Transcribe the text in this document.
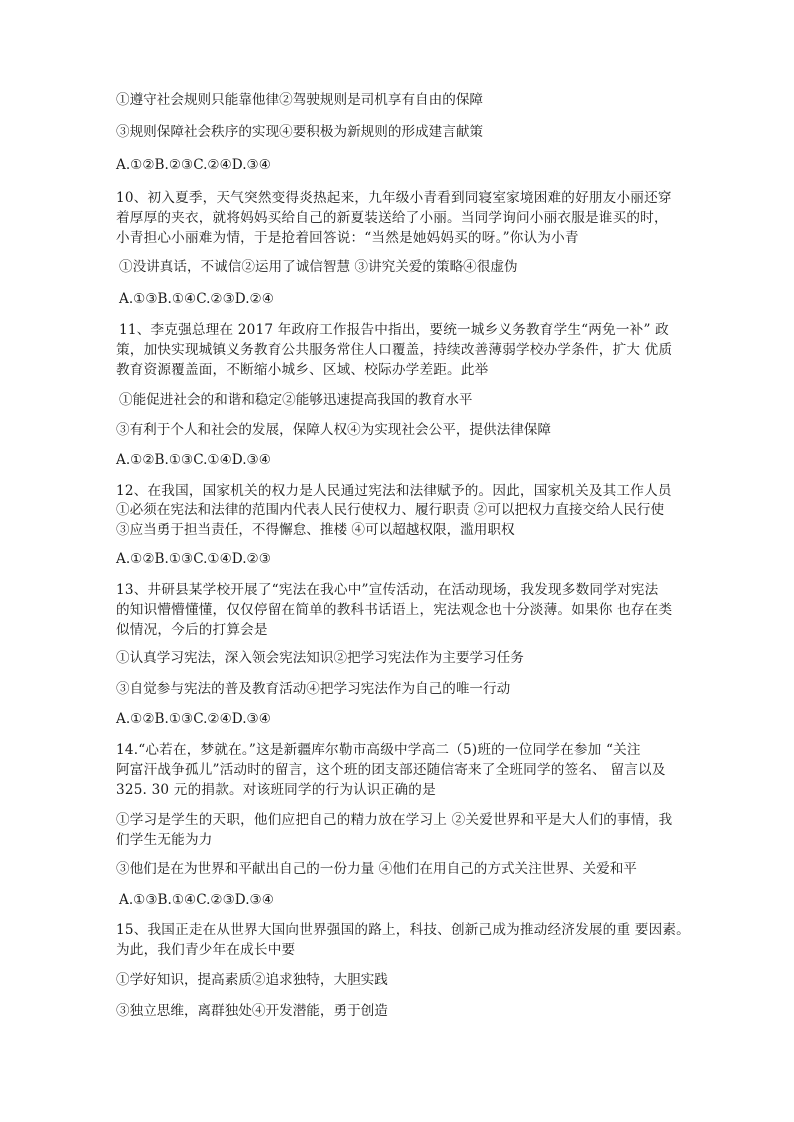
①遵守社会规则只能靠他律②驾驶规则是司机享有自由的保障

③规则保障社会秩序的实现④要积极为新规则的形成建言献策

A.①②B.②③C.②④D.③④

10、初入夏季，天气突然变得炎热起来，九年级小青看到同寝室家境困难的好朋友小丽还穿

着厚厚的夹衣，就将妈妈买给自己的新夏装送给了小丽。当同学询问小丽衣服是谁买的时，

小青担心小丽难为情，于是抢着回答说：“当然是她妈妈买的呀。”你认为小青

①没讲真话，不诚信②运用了诚信智慧 ③讲究关爱的策略④很虚伪

A.①③B.①④C.②③D.②④

11、李克强总理在 2017 年政府工作报告中指出，要统一城乡义务教育学生“两免一补” 政

策，加快实现城镇义务教育公共服务常住人口覆盖，持续改善薄弱学校办学条件，扩大 优质

教育资源覆盖面，不断缩小城乡、区域、校际办学差距。此举

①能促进社会的和谐和稳定②能够迅速提高我国的教育水平

③有利于个人和社会的发展，保障人权④为实现社会公平，提供法律保障

A.①②B.①③C.①④D.③④

12、在我国，国家机关的权力是人民通过宪法和法律赋予的。因此，国家机关及其工作人员

①必须在宪法和法律的范围内代表人民行使权力、履行职责 ②可以把权力直接交给人民行使

③应当勇于担当责任，不得懈怠、推楼 ④可以超越权限，滥用职权

A.①②B.①③C.①④D.②③

13、井研县某学校开展了“宪法在我心中”宣传活动，在活动现场，我发现多数同学对宪法

的知识懵懵懂懂，仅仅停留在简单的教科书话语上，宪法观念也十分淡薄。如果你 也存在类

似情况，今后的打算会是

①认真学习宪法，深入领会宪法知识②把学习宪法作为主要学习任务

③自觉参与宪法的普及教育活动④把学习宪法作为自己的唯一行动

A.①②B.①③C.②④D.③④

14.“心若在，梦就在。”这是新疆库尔勒市高级中学高二（5)班的一位同学在参加 “关注

阿富汗战争孤儿”活动时的留言，这个班的团支部还随信寄来了全班同学的签名、 留言以及

325. 30 元的捐款。对该班同学的行为认识正确的是

①学习是学生的天职，他们应把自己的精力放在学习上 ②关爱世界和平是大人们的事情，我

们学生无能为力

③他们是在为世界和平献出自己的一份力量 ④他们在用自己的方式关注世界、关爱和平

A.①③B.①④C.②③D.③④

15、我国正走在从世界大国向世界强国的路上，科技、创新己成为推动经济发展的重 要因素。

为此，我们青少年在成长中要

①学好知识，提高素质②追求独特，大胆实践

③独立思维，离群独处④开发潜能，勇于创造
